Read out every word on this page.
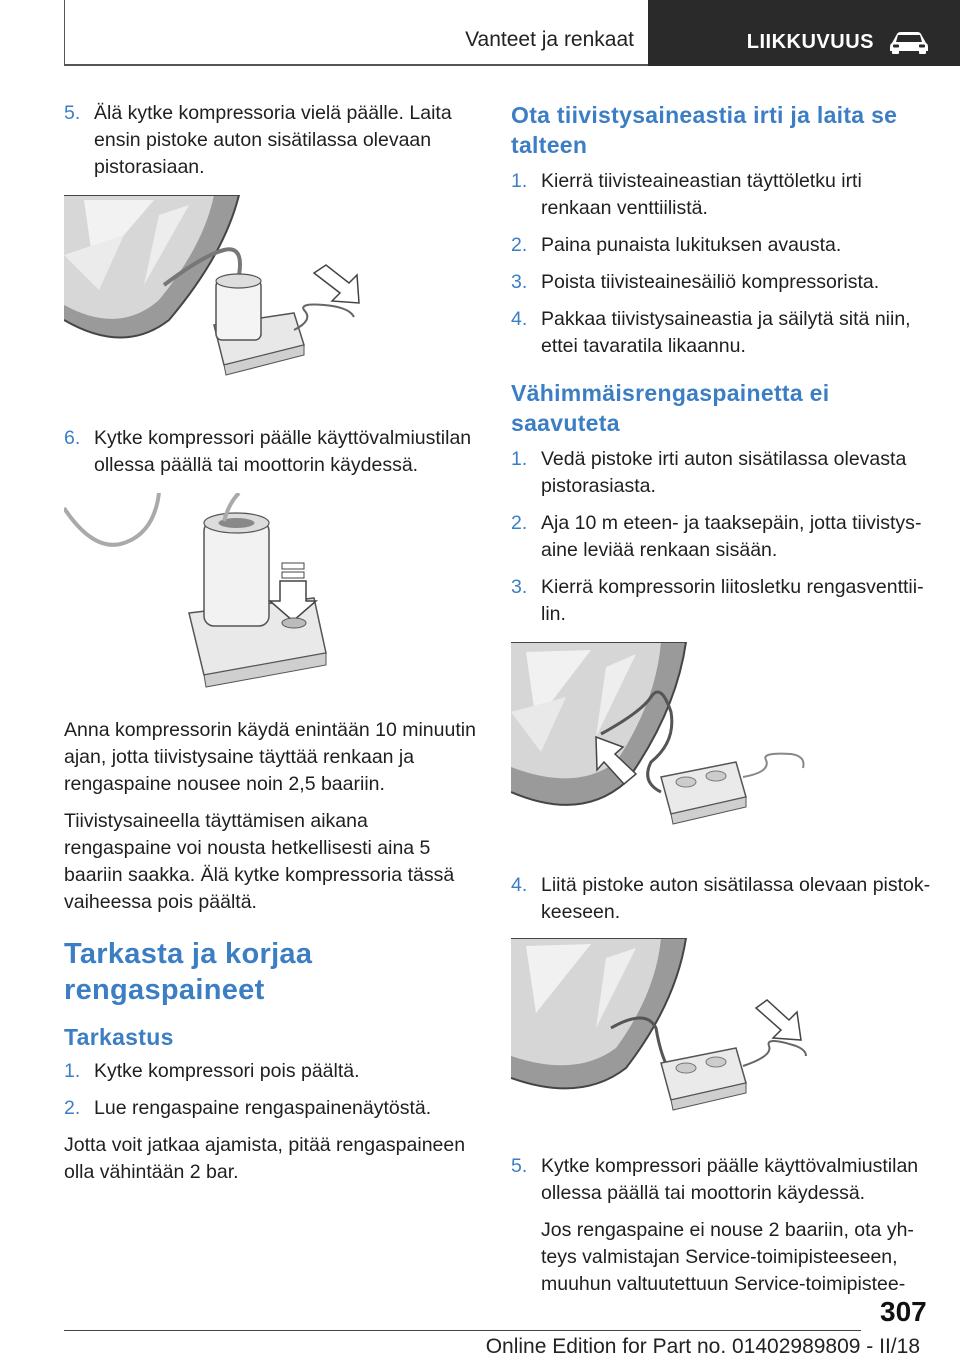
Vanteet ja renkaat	LIIKKUVUUS
5. Älä kytke kompressoria vielä päälle. Laita ensin pistoke auton sisätilassa olevaan pistorasiaan.
6. Kytke kompressori päälle käyttövalmiustilan ollessa päällä tai moottorin käydessä.

Anna kompressorin käydä enintään 10 minuutin ajan, jotta tiivistysaine täyttää renkaan ja rengaspaine nousee noin 2,5 baariin.

Tiivistysaineella täyttämisen aikana rengaspaine voi nousta hetkellisesti aina 5 baariin saakka. Älä kytke kompressoria tässä vaiheessa pois päältä.

Tarkasta ja korjaa rengaspaineet
Tarkastus
1. Kytke kompressori pois päältä.
2. Lue rengaspaine rengaspainenäytöstä.

Jotta voit jatkaa ajamista, pitää rengaspaineen olla vähintään 2 bar.

Ota tiivistysaineastia irti ja laita se talteen
1. Kierrä tiivisteaineastian täyttöletku irti renkaan venttiilistä.
2. Paina punaista lukituksen avausta.
3. Poista tiivisteainesäiliö kompressorista.
4. Pakkaa tiivistysaineastia ja säilytä sitä niin, ettei tavaratila likaannu.
Vähimmäisrengaspainetta ei saavuteta
1. Vedä pistoke irti auton sisätilassa olevasta pistorasiasta.
2. Aja 10 m eteen- ja taaksepäin, jotta tiivistysaine leviää renkaan sisään.
3. Kierrä kompressorin liitosletku rengasventtiilin.
4. Liitä pistoke auton sisätilassa olevaan pistokkeeseen.
5. Kytke kompressori päälle käyttövalmiustilan ollessa päällä tai moottorin käydessä.
Jos rengaspaine ei nouse 2 baariin, ota yhteys valmistajan Service-toimipisteeseen, muuhun valtuutettuun Service-toimipistee-
307
Online Edition for Part no. 01402989809 - II/18
